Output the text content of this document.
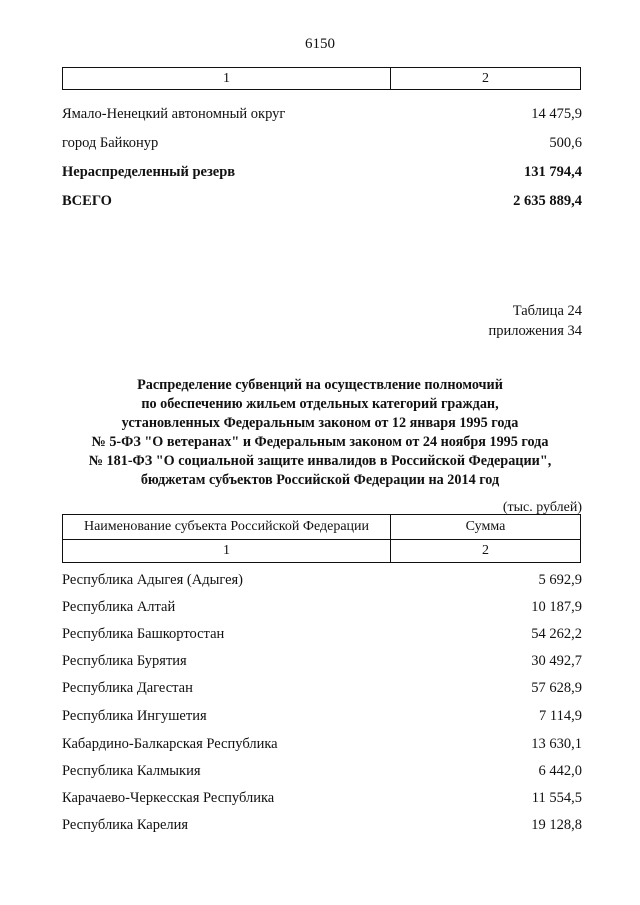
6150
1	2
Ямало-Ненецкий автономный округ	14 475,9
город Байконур	500,6
Нераспределенный резерв	131 794,4
ВСЕГО	2 635 889,4
Таблица 24
приложения 34
Распределение субвенций на осуществление полномочий
по обеспечению жильем отдельных категорий граждан,
установленных Федеральным законом от 12 января 1995 года
№ 5-ФЗ "О ветеранах" и Федеральным законом от 24 ноября 1995 года
№ 181-ФЗ "О социальной защите инвалидов в Российской Федерации",
бюджетам субъектов Российской Федерации на 2014 год
(тыс. рублей)
Наименование субъекта Российской Федерации	Сумма
1	2
Республика Адыгея (Адыгея)	5 692,9
Республика Алтай	10 187,9
Республика Башкортостан	54 262,2
Республика Бурятия	30 492,7
Республика Дагестан	57 628,9
Республика Ингушетия	7 114,9
Кабардино-Балкарская Республика	13 630,1
Республика Калмыкия	6 442,0
Карачаево-Черкесская Республика	11 554,5
Республика Карелия	19 128,8
